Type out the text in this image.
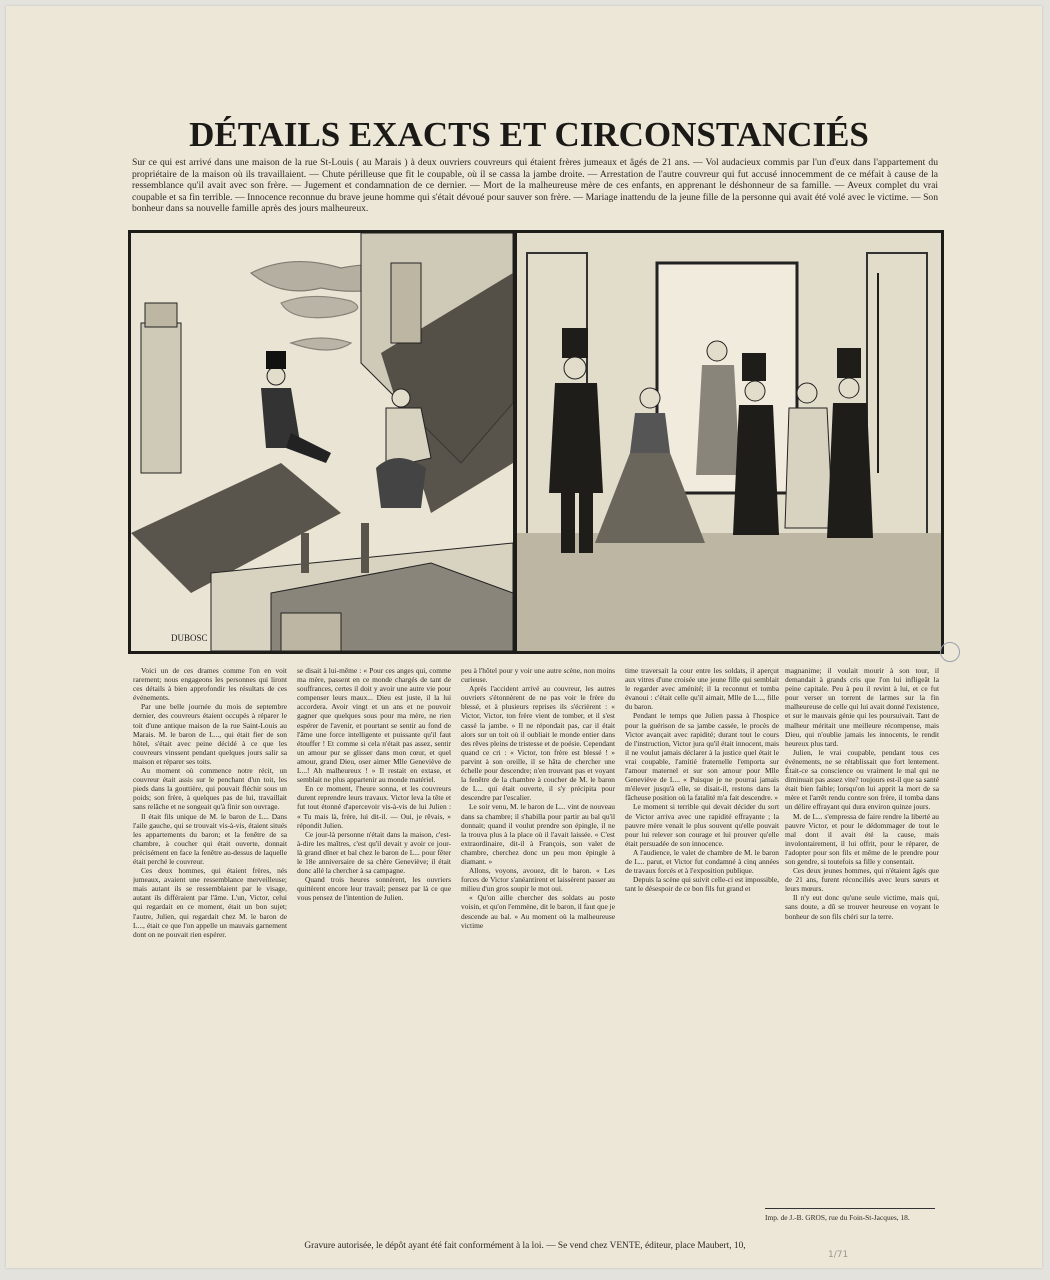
DÉTAILS EXACTS ET CIRCONSTANCIÉS
Sur ce qui est arrivé dans une maison de la rue St-Louis ( au Marais ) à deux ouvriers couvreurs qui étaient frères jumeaux et âgés de 21 ans. — Vol audacieux commis par l'un d'eux dans l'appartement du propriétaire de la maison où ils travaillaient. — Chute périlleuse que fit le coupable, où il se cassa la jambe droite. — Arrestation de l'autre couvreur qui fut accusé innocemment de ce méfait à cause de la ressemblance qu'il avait avec son frère. — Jugement et condamnation de ce dernier. — Mort de la malheureuse mère de ces enfants, en apprenant le déshonneur de sa famille. — Aveux complet du vrai coupable et sa fin terrible. — Innocence reconnue du brave jeune homme qui s'était dévoué pour sauver son frère. — Mariage inattendu de la jeune fille de la personne qui avait été volé avec le victime. — Son bonheur dans sa nouvelle famille après des jours malheureux.
DUBOSC

Voici un de ces drames comme l'on en voit rarement; nous engageons les personnes qui liront ces détails à bien approfondir les résultats de ces événements.

Par une belle journée du mois de septembre dernier, des couvreurs étaient occupés à réparer le toit d'une antique maison de la rue Saint-Louis au Marais. M. le baron de L..., qui était fier de son hôtel, s'était avec peine décidé à ce que les couvreurs vinssent pendant quelques jours salir sa maison et réparer ses toits.

Au moment où commence notre récit, un couvreur était assis sur le penchant d'un toit, les pieds dans la gouttière, qui pouvait fléchir sous un poids; son frère, à quelques pas de lui, travaillait sans relâche et ne songeait qu'à finir son ouvrage.

Il était fils unique de M. le baron de L... Dans l'aile gauche, qui se trouvait vis-à-vis, étaient situés les appartements du baron; et la fenêtre de sa chambre, à coucher qui était ouverte, donnait précisément en face la fenêtre au-dessus de laquelle était perché le couvreur.

Ces deux hommes, qui étaient frères, nés jumeaux, avaient une ressemblance merveilleuse; mais autant ils se ressemblaient par le visage, autant ils différaient par l'âme. L'un, Victor, celui qui regardait en ce moment, était un bon sujet; l'autre, Julien, qui regardait chez M. le baron de L..., était ce que l'on appelle un mauvais garnement dont on ne pouvait rien espérer.

se disait à lui-même : « Pour ces anges qui, comme ma mère, passent en ce monde chargés de tant de souffrances, certes il doit y avoir une autre vie pour compenser leurs maux... Dieu est juste, il la lui accordera. Avoir vingt et un ans et ne pouvoir gagner que quelques sous pour ma mère, ne rien espérer de l'avenir, et pourtant se sentir au fond de l'âme une force intelligente et puissante qu'il faut étouffer ! Et comme si cela n'était pas assez, sentir un amour pur se glisser dans mon cœur, et quel amour, grand Dieu, oser aimer Mlle Geneviève de L...! Ah malheureux ! » Il restait en extase, et semblait ne plus appartenir au monde matériel.

En ce moment, l'heure sonna, et les couvreurs durent reprendre leurs travaux. Victor leva la tête et fut tout étonné d'apercevoir vis-à-vis de lui Julien : « Tu mais là, frère, lui dit-il. — Oui, je rêvais, » répondit Julien.

Ce jour-là personne n'était dans la maison, c'est-à-dire les maîtres, c'est qu'il devait y avoir ce jour-là grand dîner et bal chez le baron de L... pour fêter le 18e anniversaire de sa chère Geneviève; il était donc allé la chercher à sa campagne.

Quand trois heures sonnèrent, les ouvriers quittèrent encore leur travail; pensez par là ce que vous pensez de l'intention de Julien.

peu à l'hôtel pour y voir une autre scène, non moins curieuse.

Après l'accident arrivé au couvreur, les autres ouvriers s'étonnèrent de ne pas voir le frère du blessé, et à plusieurs reprises ils s'écrièrent : « Victor, Victor, ton frère vient de tomber, et il s'est cassé la jambe. » Il ne répondait pas, car il était alors sur un toit où il oubliait le monde entier dans des rêves pleins de tristesse et de poésie. Cependant quand ce cri : « Victor, ton frère est blessé ! » parvint à son oreille, il se hâta de chercher une échelle pour descendre; n'en trouvant pas et voyant la fenêtre de la chambre à coucher de M. le baron de L... qui était ouverte, il s'y précipita pour descendre par l'escalier.

Le soir venu, M. le baron de L... vint de nouveau dans sa chambre; il s'habilla pour partir au bal qu'il donnait; quand il voulut prendre son épingle, il ne la trouva plus à la place où il l'avait laissée. « C'est extraordinaire, dit-il à François, son valet de chambre, cherchez donc un peu mon épingle à diamant. »

Allons, voyons, avouez, dit le baron. « Les forces de Victor s'anéantirent et laissèrent passer au milieu d'un gros soupir le mot oui.

« Qu'on aille chercher des soldats au poste voisin, et qu'on l'emmène, dit le baron, il faut que je descende au bal. » Au moment où la malheureuse victime

time traversait la cour entre les soldats, il aperçut aux vitres d'une croisée une jeune fille qui semblait le regarder avec aménité; il la reconnut et tomba évanoui : c'était celle qu'il aimait, Mlle de L..., fille du baron.

Pendant le temps que Julien passa à l'hospice pour la guérison de sa jambe cassée, le procès de Victor avançait avec rapidité; durant tout le cours de l'instruction, Victor jura qu'il était innocent, mais il ne voulut jamais déclarer à la justice quel était le vrai coupable, l'amitié fraternelle l'emporta sur l'amour maternel et sur son amour pour Mlle Geneviève de L... « Puisque je ne pourrai jamais m'élever jusqu'à elle, se disait-il, restons dans la fâcheuse position où la fatalité m'a fait descendre. »

Le moment si terrible qui devait décider du sort de Victor arriva avec une rapidité effrayante ; la pauvre mère venait le plus souvent qu'elle pouvait pour lui relever son courage et lui prouver qu'elle était persuadée de son innocence.

A l'audience, le valet de chambre de M. le baron de L... parut, et Victor fut condamné à cinq années de travaux forcés et à l'exposition publique.

Depuis la scène qui suivit celle-ci est impossible, tant le désespoir de ce bon fils fut grand et

magnanime; il voulait mourir à son tour, il demandait à grands cris que l'on lui infligeât la peine capitale. Peu à peu il revint à lui, et ce fut pour verser un torrent de larmes sur la fin malheureuse de celle qui lui avait donné l'existence, et sur le mauvais génie qui les poursuivait. Tant de malheur méritait une meilleure récompense, mais Dieu, qui n'oublie jamais les innocents, le rendit heureux plus tard.

Julien, le vrai coupable, pendant tous ces événements, ne se rétablissait que fort lentement. Était-ce sa conscience ou vraiment le mal qui ne diminuait pas assez vite? toujours est-il que sa santé était bien faible; lorsqu'on lui apprit la mort de sa mère et l'arrêt rendu contre son frère, il tomba dans un délire effrayant qui dura environ quinze jours.

M. de L... s'empressa de faire rendre la liberté au pauvre Victor, et pour le dédommager de tout le mal dont il avait été la cause, mais involontairement, il lui offrit, pour le réparer, de l'adopter pour son fils et même de le prendre pour son gendre, si toutefois sa fille y consentait.

Ces deux jeunes hommes, qui n'étaient âgés que de 21 ans, furent réconciliés avec leurs sœurs et leurs mœurs.

Il n'y eut donc qu'une seule victime, mais qui, sans doute, a dû se trouver heureuse en voyant le bonheur de son fils chéri sur la terre.

Imp. de J.-B. GROS, rue du Foin-St-Jacques, 18.
Gravure autorisée, le dépôt ayant été fait conformément à la loi. — Se vend chez VENTE, éditeur, place Maubert, 10,
1/71
